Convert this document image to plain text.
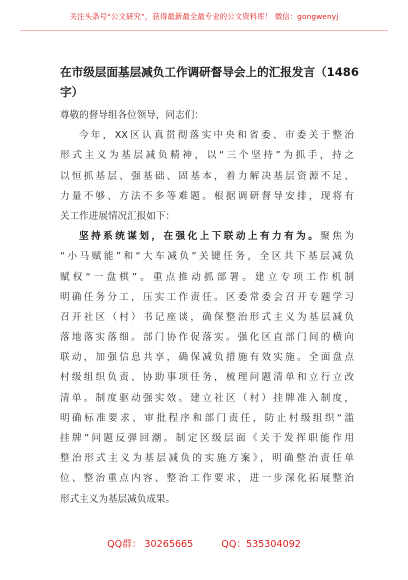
关注头条号“公文研究”，获得最新最全最专业的公文资料库！ 微信：gongwenyj
在市级层面基层减负工作调研督导会上的汇报发言（1486
字）
尊敬的督导组各位领导，同志们：
今年，XX区认真贯彻落实中央和省委、市委关于整治
形式主义为基层减负精神，以“三个坚持”为抓手，持之
以恒抓基层、强基础、固基本，着力解决基层资源不足、
力量不够、方法不多等难题。根据调研督导安排，现将有
关工作进展情况汇报如下：
坚持系统谋划，在强化上下联动上有力有为。聚焦为
“小马赋能”和“大车减负”关键任务，全区共下基层减负
赋权“一盘棋”。重点推动抓部署。建立专项工作机制
明确任务分工，压实工作责任。区委常委会召开专题学习
召开社区（村）书记座谈，确保整治形式主义为基层减负
落地落实落细。部门协作促落实。强化区直部门间的横向
联动，加强信息共享，确保减负措施有效实施。全面盘点
村级组织负责、协助事项任务，梳理问题清单和立行立改
清单。制度驱动强实效。建立社区（村）挂牌准入制度，
明确标准要求、审批程序和部门责任，防止村级组织“滥
挂牌”问题反弹回潮。制定区级层面《关于发挥职能作用
整治形式主义为基层减负的实施方案》，明确整治责任单
位、整治重点内容、整治工作要求，进一步深化拓展整治
形式主义为基层减负成果。
QQ群： 30265665	QQ：535304092
